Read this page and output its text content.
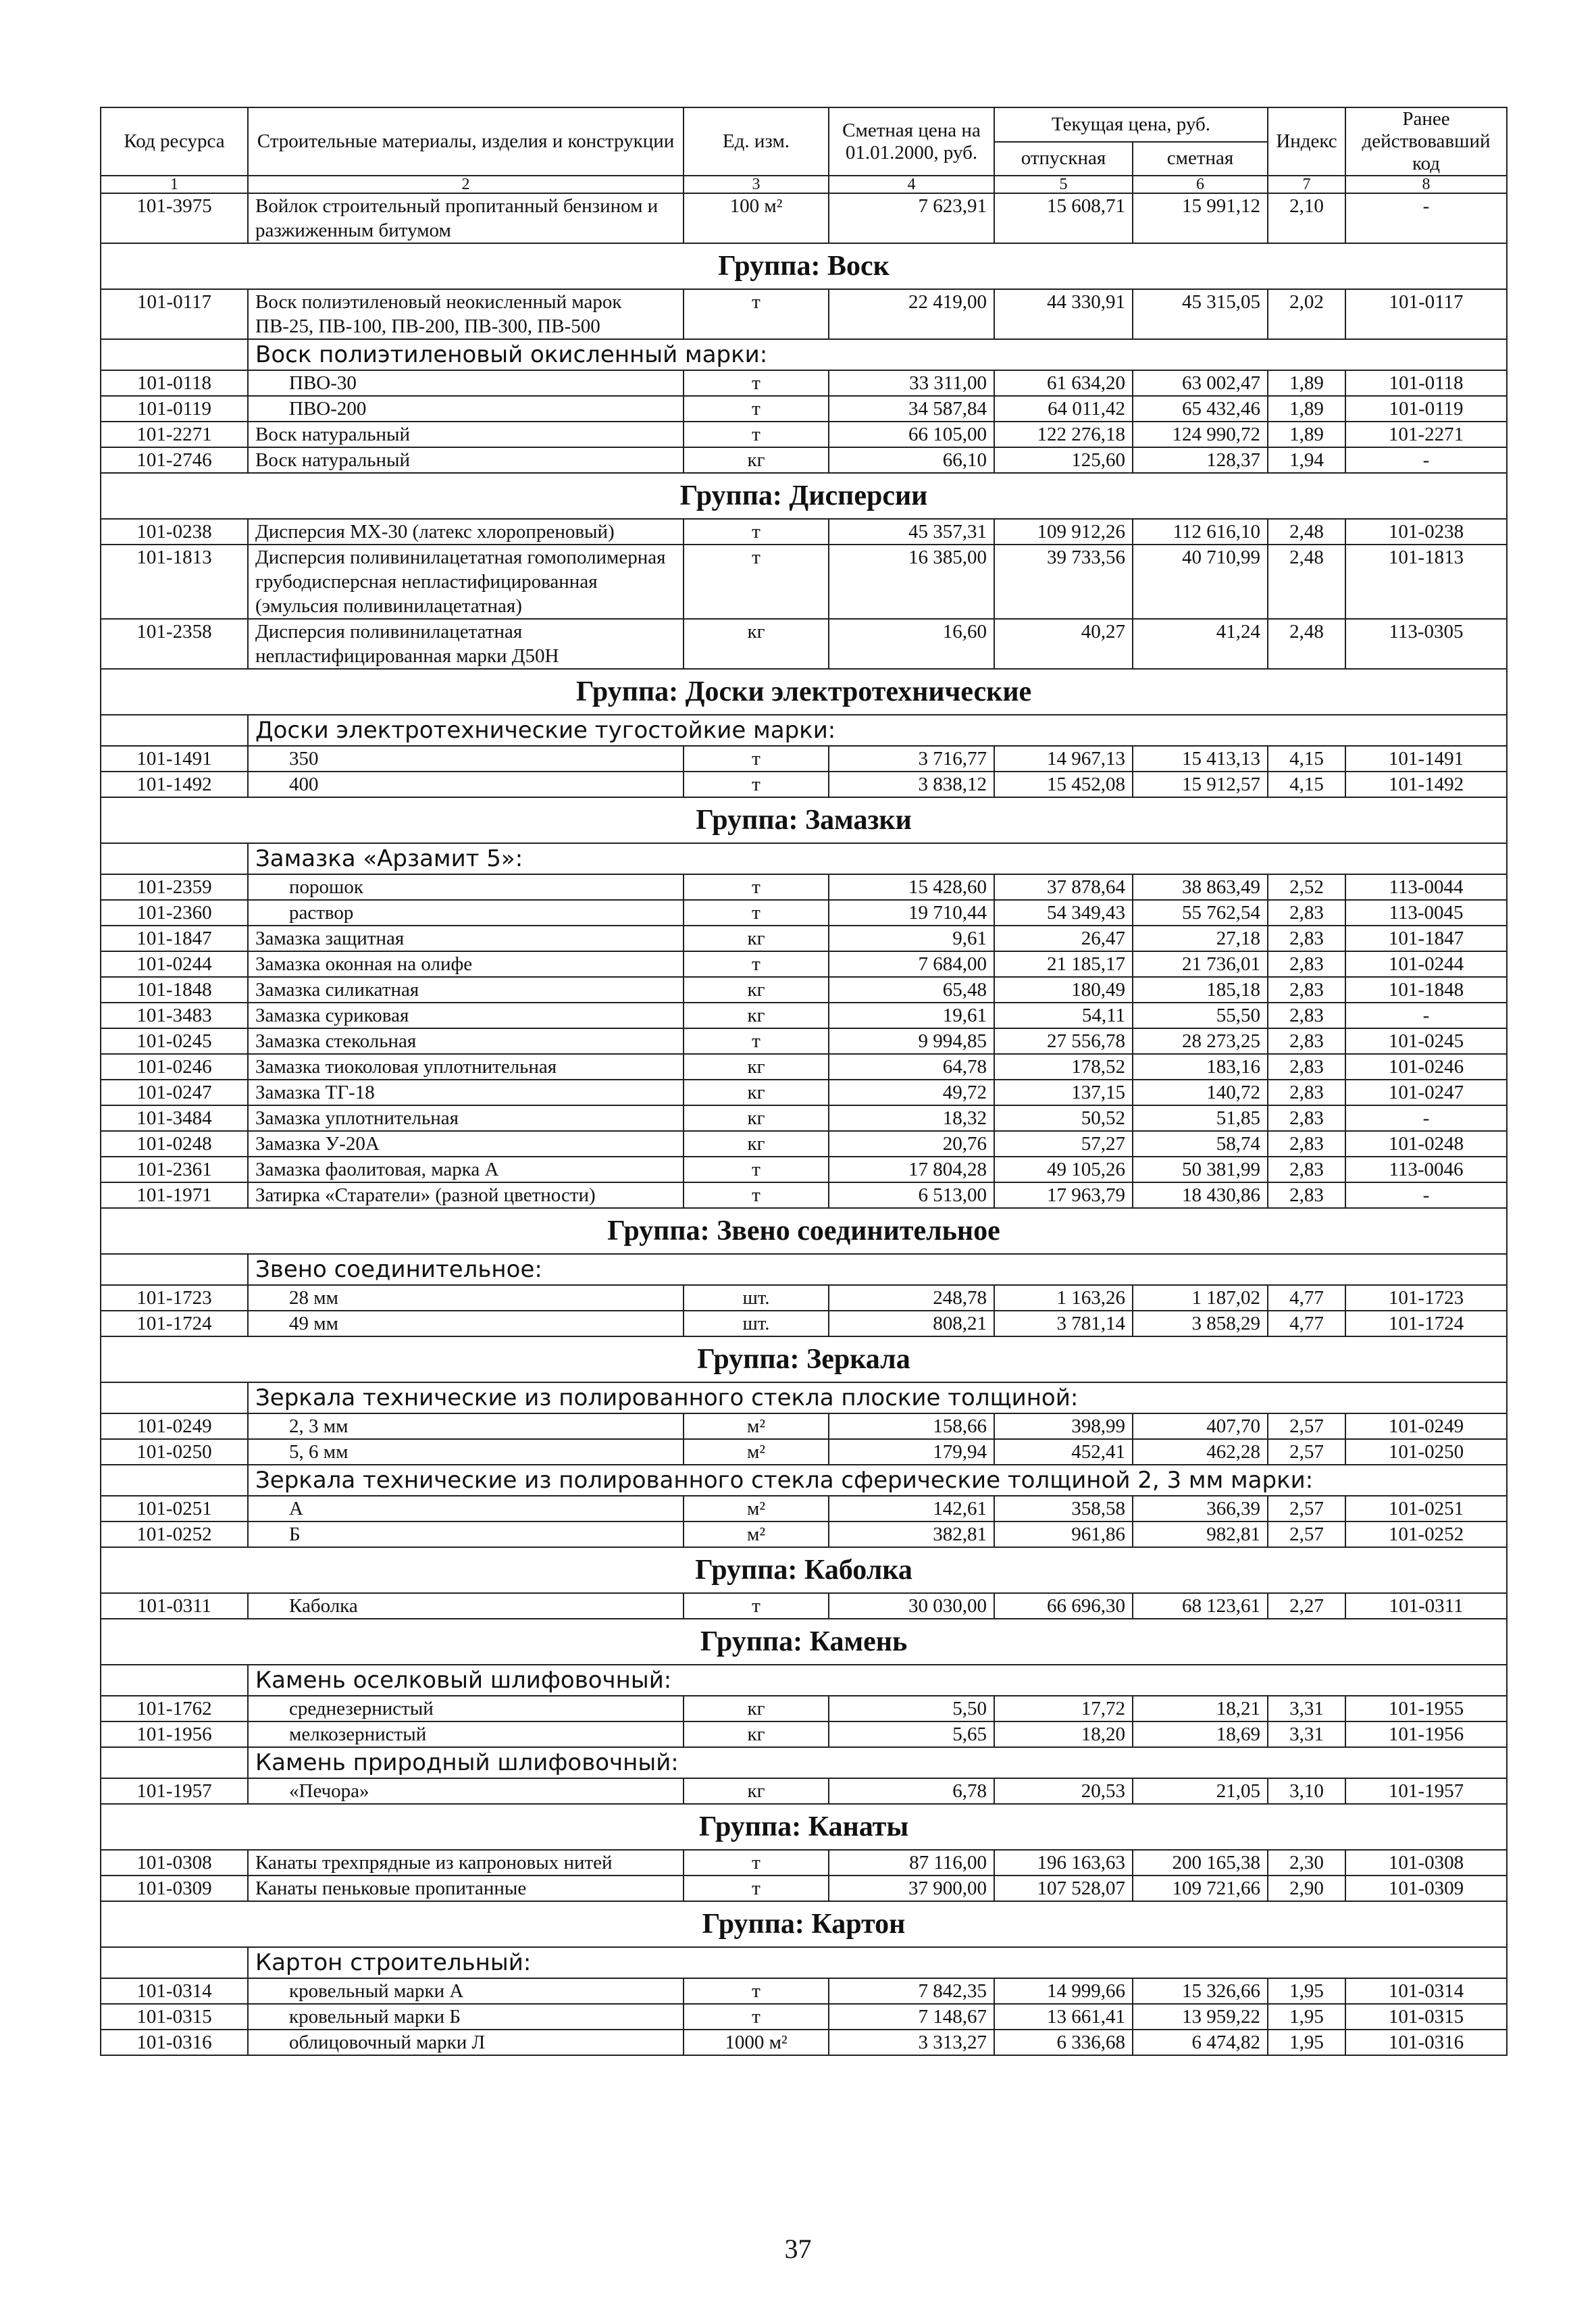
Код ресурса	Строительные материалы, изделия и конструкции	Ед. изм.	Сметная цена на 01.01.2000, руб.	Текущая цена, руб.		Индекс	Ранее действовавший код
				отпускная	сметная		
1	2	3	4	5	6	7	8
101-3975	Войлок строительный пропитанный бензином и разжиженным битумом	100 м²	7 623,91	15 608,71	15 991,12	2,10	-
Группа: Воск							
101-0117	Воск полиэтиленовый неокисленный марок ПВ-25, ПВ-100, ПВ-200, ПВ-300, ПВ-500	т	22 419,00	44 330,91	45 315,05	2,02	101-0117
	Воск полиэтиленовый окисленный марки:						
101-0118	ПВО-30	т	33 311,00	61 634,20	63 002,47	1,89	101-0118
101-0119	ПВО-200	т	34 587,84	64 011,42	65 432,46	1,89	101-0119
101-2271	Воск натуральный	т	66 105,00	122 276,18	124 990,72	1,89	101-2271
101-2746	Воск натуральный	кг	66,10	125,60	128,37	1,94	-
Группа: Дисперсии							
101-0238	Дисперсия МХ-30 (латекс хлоропреновый)	т	45 357,31	109 912,26	112 616,10	2,48	101-0238
101-1813	Дисперсия поливинилацетатная гомополимерная грубодисперсная непластифицированная (эмульсия поливинилацетатная)	т	16 385,00	39 733,56	40 710,99	2,48	101-1813
101-2358	Дисперсия поливинилацетатная непластифицированная марки Д50Н	кг	16,60	40,27	41,24	2,48	113-0305
Группа: Доски электротехнические							
	Доски электротехнические тугостойкие марки:						
101-1491	350	т	3 716,77	14 967,13	15 413,13	4,15	101-1491
101-1492	400	т	3 838,12	15 452,08	15 912,57	4,15	101-1492
Группа: Замазки							
	Замазка «Арзамит 5»:						
101-2359	порошок	т	15 428,60	37 878,64	38 863,49	2,52	113-0044
101-2360	раствор	т	19 710,44	54 349,43	55 762,54	2,83	113-0045
101-1847	Замазка защитная	кг	9,61	26,47	27,18	2,83	101-1847
101-0244	Замазка оконная на олифе	т	7 684,00	21 185,17	21 736,01	2,83	101-0244
101-1848	Замазка силикатная	кг	65,48	180,49	185,18	2,83	101-1848
101-3483	Замазка суриковая	кг	19,61	54,11	55,50	2,83	-
101-0245	Замазка стекольная	т	9 994,85	27 556,78	28 273,25	2,83	101-0245
101-0246	Замазка тиоколовая уплотнительная	кг	64,78	178,52	183,16	2,83	101-0246
101-0247	Замазка ТГ-18	кг	49,72	137,15	140,72	2,83	101-0247
101-3484	Замазка уплотнительная	кг	18,32	50,52	51,85	2,83	-
101-0248	Замазка У-20А	кг	20,76	57,27	58,74	2,83	101-0248
101-2361	Замазка фаолитовая, марка А	т	17 804,28	49 105,26	50 381,99	2,83	113-0046
101-1971	Затирка «Старатели» (разной цветности)	т	6 513,00	17 963,79	18 430,86	2,83	-
Группа: Звено соединительное							
	Звено соединительное:						
101-1723	28 мм	шт.	248,78	1 163,26	1 187,02	4,77	101-1723
101-1724	49 мм	шт.	808,21	3 781,14	3 858,29	4,77	101-1724
Группа: Зеркала							
	Зеркала технические из полированного стекла плоские толщиной:						
101-0249	2, 3 мм	м²	158,66	398,99	407,70	2,57	101-0249
101-0250	5, 6 мм	м²	179,94	452,41	462,28	2,57	101-0250
	Зеркала технические из полированного стекла сферические толщиной 2, 3 мм марки:						
101-0251	А	м²	142,61	358,58	366,39	2,57	101-0251
101-0252	Б	м²	382,81	961,86	982,81	2,57	101-0252
Группа: Каболка							
101-0311	Каболка	т	30 030,00	66 696,30	68 123,61	2,27	101-0311
Группа: Камень							
	Камень оселковый шлифовочный:						
101-1762	среднезернистый	кг	5,50	17,72	18,21	3,31	101-1955
101-1956	мелкозернистый	кг	5,65	18,20	18,69	3,31	101-1956
	Камень природный шлифовочный:						
101-1957	«Печора»	кг	6,78	20,53	21,05	3,10	101-1957
Группа: Канаты							
101-0308	Канаты трехпрядные из капроновых нитей	т	87 116,00	196 163,63	200 165,38	2,30	101-0308
101-0309	Канаты пеньковые пропитанные	т	37 900,00	107 528,07	109 721,66	2,90	101-0309
Группа: Картон							
	Картон строительный:						
101-0314	кровельный марки А	т	7 842,35	14 999,66	15 326,66	1,95	101-0314
101-0315	кровельный марки Б	т	7 148,67	13 661,41	13 959,22	1,95	101-0315
101-0316	облицовочный марки Л	1000 м²	3 313,27	6 336,68	6 474,82	1,95	101-0316
37
